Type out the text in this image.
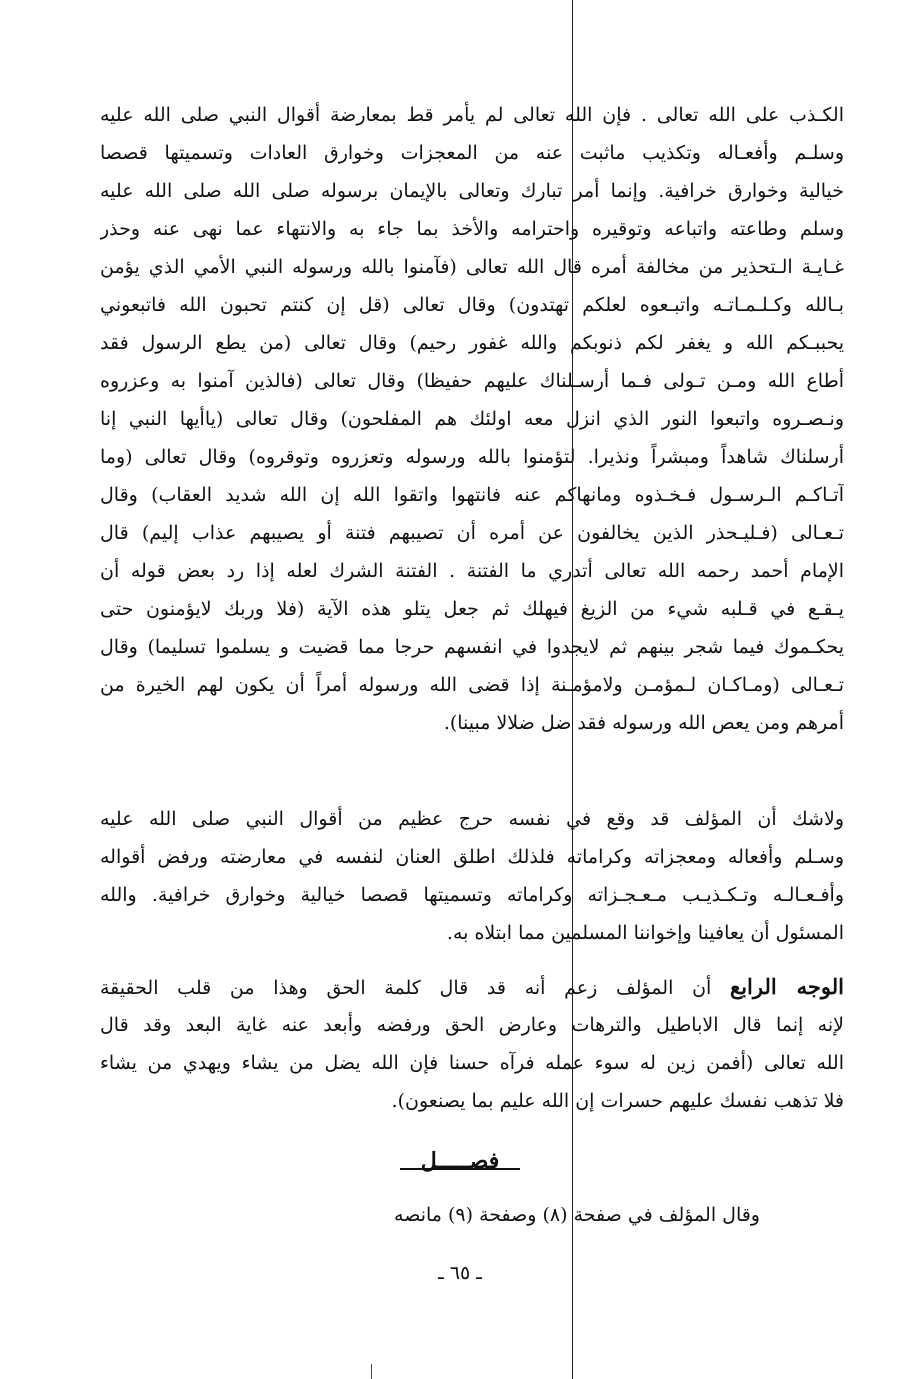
الكـذب على الله تعالى . فإن الله تعالى لم يأمر قط بمعارضة أقوال النبي صلى الله عليه
وسلـم وأفعـاله وتكذيب ماثبت عنه من المعجزات وخوارق العادات وتسميتها قصصا
خيالية وخوارق خرافية. وإنما أمر تبارك وتعالى بالإيمان برسوله صلى الله صلى الله عليه
وسلم وطاعته واتباعه وتوقيره واحترامه والأخذ بما جاء به والانتهاء عما نهى عنه وحذر
غـايـة الـتحذير من مخالفة أمره قال الله تعالى (فآمنوا بالله ورسوله النبي الأمي الذي يؤمن
بـالله وكـلـمـاتـه واتبـعوه لعلكم تهتدون) وقال تعالى (قل إن كنتم تحبون الله فاتبعوني
يحببـكم الله و يغفر لكم ذنوبكم والله غفور رحيم) وقال تعالى (من يطع الرسول فقد
أطاع الله ومـن تـولى فـما أرسـلناك عليهم حفيظا) وقال تعالى (فالذين آمنوا به وعزروه
ونـصـروه واتبعوا النور الذي انزل معه اولئك هم المفلحون) وقال تعالى (ياأيها النبي إنا
أرسلناك شاهداً ومبشراً ونذيرا. لتؤمنوا بالله ورسوله وتعزروه وتوقروه) وقال تعالى (وما
آتـاكـم الـرسـول فـخـذوه ومانهاكم عنه فانتهوا واتقوا الله إن الله شديد العقاب) وقال
تـعـالى (فـليـحذر الذين يخالفون عن أمره أن تصيبهم فتنة أو يصيبهم عذاب إليم) قال
الإمام أحمد رحمه الله تعالى أتدري ما الفتنة . الفتنة الشرك لعله إذا رد بعض قوله أن
يـقـع في قـلبه شيء من الزيغ فيهلك ثم جعل يتلو هذه الآية (فلا وربك لايؤمنون حتى
يحكـموك فيما شجر بينهم ثم لايجدوا في انفسهم حرجا مما قضيت و يسلموا تسليما) وقال
تـعـالى (ومـاكـان لـمؤمـن ولامؤمـنة إذا قضى الله ورسوله أمراً أن يكون لهم الخيرة من
أمرهم ومن يعص الله ورسوله فقد ضل ضلالا مبينا).
ولاشك أن المؤلف قد وقع في نفسه حرج عظيم من أقوال النبي صلى الله عليه
وسـلم وأفعاله ومعجزاته وكراماته فلذلك اطلق العنان لنفسه في معارضته ورفض أقواله
وأفـعـالـه وتـكـذيـب مـعـجـزاته وكراماته وتسميتها قصصا خيالية وخوارق خرافية. والله
المسئول أن يعافينا وإخواننا المسلمين مما ابتلاه به.
الوجه الرابع أن المؤلف زعم أنه قد قال كلمة الحق وهذا من قلب الحقيقة
لإنه إنما قال الاباطيل والترهات وعارض الحق ورفضه وأبعد عنه غاية البعد وقد قال
الله تعالى (أفمن زين له سوء عمله فرآه حسنا فإن الله يضل من يشاء ويهدي من يشاء
فلا تذهب نفسك عليهم حسرات إن الله عليم بما يصنعون).
فصـــــل
وقال المؤلف في صفحة (٨) وصفحة (٩) مانصه
ـ ٦٥ ـ
